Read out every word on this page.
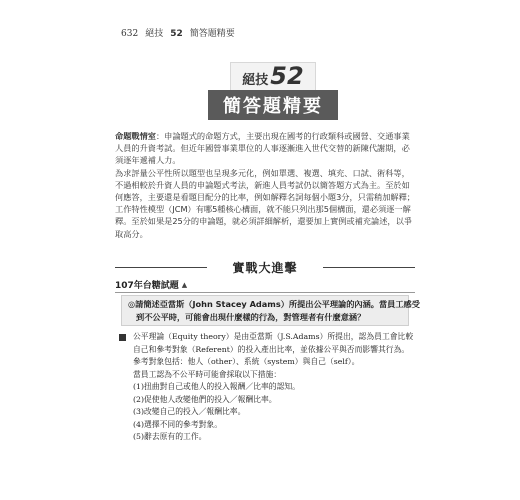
632 絕技 52 簡答題精要
絕技 52
簡答題精要

命題戰情室：申論題式的命題方式，主要出現在國考的行政類科或國營、交通事業人員的升資考試。但近年國營事業單位的人事逐漸進入世代交替的新陳代謝期，必須逐年遞補人力。

為求評量公平性所以題型也呈現多元化，例如單選、複選、填充、口試、術科等，不過相較於升資人員的申論題式考法，新進人員考試仍以簡答題方式為主。至於如何應答，主要還是看題目配分的比率，例如解釋名詞每個小題3分，只需稍加解釋；工作特性模型（JCM）有哪5種核心構面，就不能只列出那5個構面，還必須逐一解釋。至於如果是25分的申論題，就必須詳細解析，還要加上實例或補充論述，以爭取高分。

實戰大進擊
107年台糖試題 ▲
◎請簡述亞當斯（John Stacey Adams）所提出公平理論的內涵。當員工感受
到不公平時，可能會出現什麼樣的行為，對管理者有什麼意涵？

公平理論（Equity theory）是由亞當斯（J.S.Adams）所提出，認為員工會比較自己和參考對象（Referent）的投入產出比率，並依據公平與否而影響其行為。參考對象包括：他人（other）、系統（system）與自己（self）。

當員工認為不公平時可能會採取以下措施：

(1)扭曲對自己或他人的投入報酬／比率的認知。

(2)促使他人改變他們的投入／報酬比率。

(3)改變自己的投入／報酬比率。

(4)選擇不同的參考對象。

(5)辭去原有的工作。
